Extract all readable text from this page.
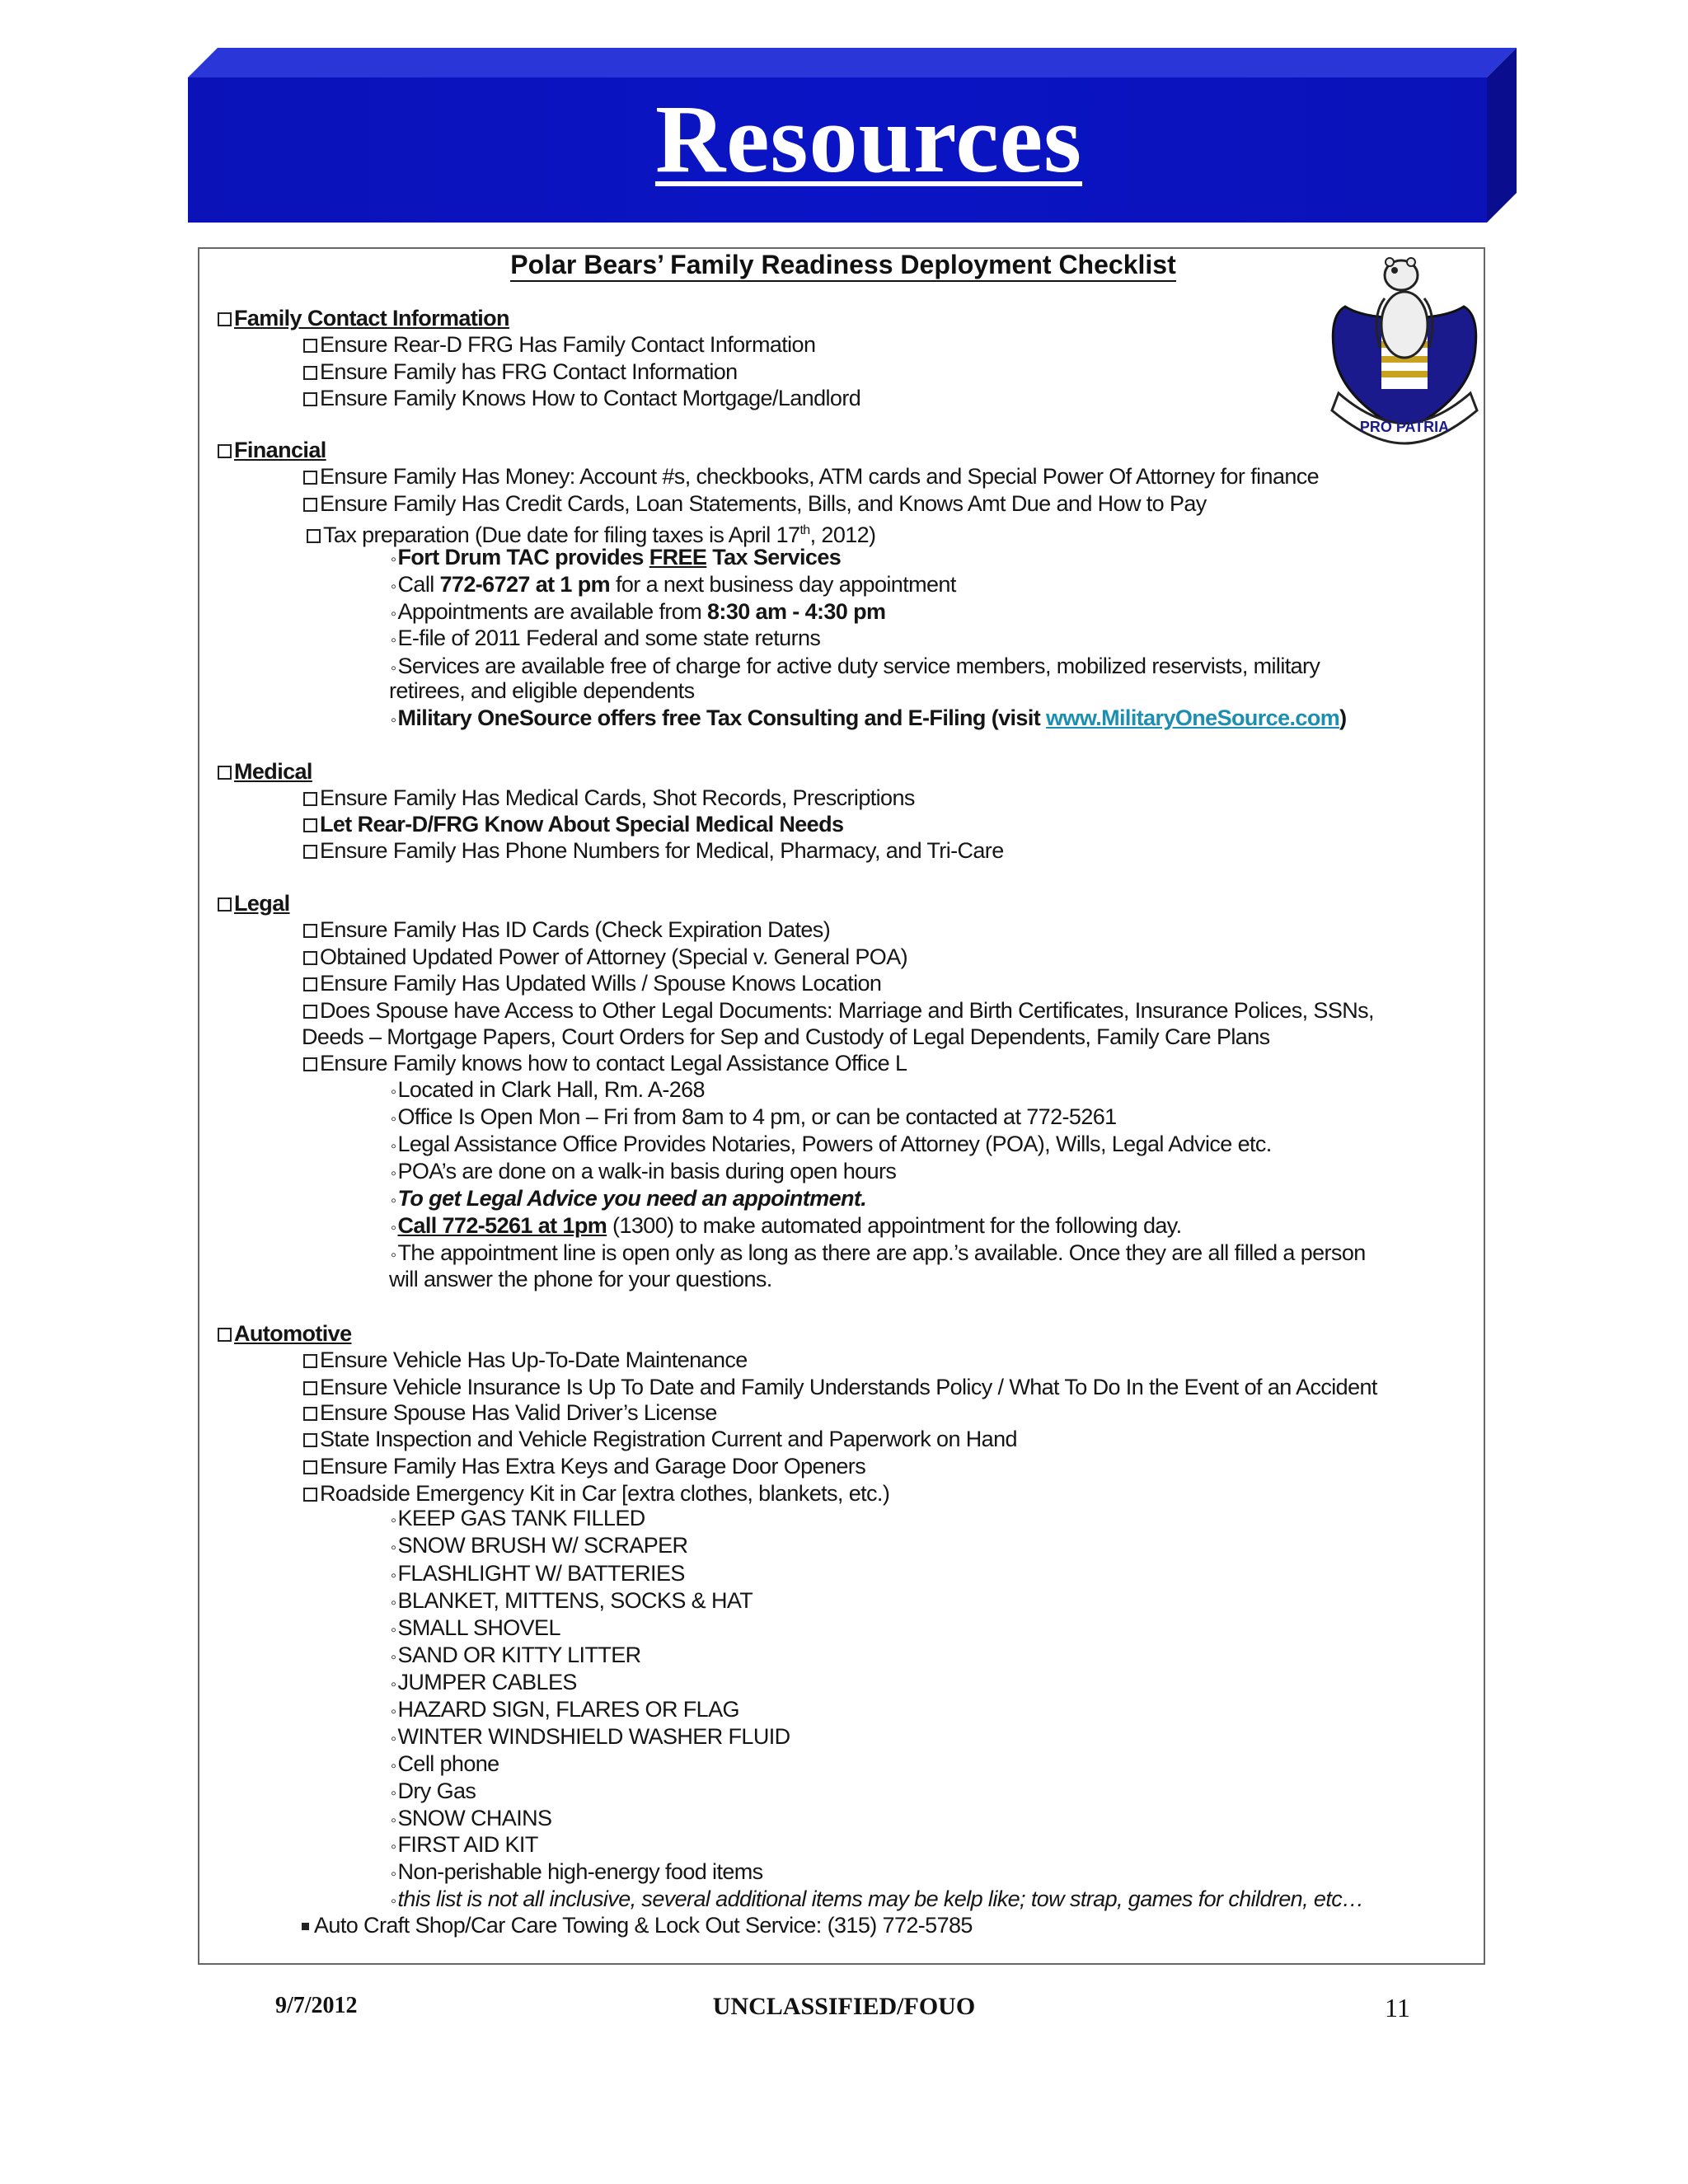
Resources
Polar Bears’ Family Readiness Deployment Checklist
PRO PATRIA
Family Contact Information
Ensure Rear-D FRG Has Family Contact Information
Ensure Family has FRG Contact Information
Ensure Family Knows How to Contact Mortgage/Landlord
Financial
Ensure Family Has Money: Account #s, checkbooks, ATM cards and Special Power Of Attorney for finance
Ensure Family Has Credit Cards, Loan Statements, Bills, and Knows Amt Due and How to Pay
Tax preparation (Due date for filing taxes is April 17th, 2012)
◦Fort Drum TAC provides FREE Tax Services
◦Call 772-6727 at 1 pm for a next business day appointment
◦Appointments are available from 8:30 am - 4:30 pm
◦E-file of 2011 Federal and some state returns
◦Services are available free of charge for active duty service members, mobilized reservists, military
retirees, and eligible dependents
◦Military OneSource offers free Tax Consulting and E-Filing (visit www.MilitaryOneSource.com)
Medical
Ensure Family Has Medical Cards, Shot Records, Prescriptions
Let Rear-D/FRG Know About Special Medical Needs
Ensure Family Has Phone Numbers for Medical, Pharmacy, and Tri-Care
Legal
Ensure Family Has ID Cards (Check Expiration Dates)
Obtained Updated Power of Attorney (Special v. General POA)
Ensure Family Has Updated Wills / Spouse Knows Location
Does Spouse have Access to Other Legal Documents: Marriage and Birth Certificates, Insurance Polices, SSNs,
Deeds – Mortgage Papers, Court Orders for Sep and Custody of Legal Dependents, Family Care Plans
Ensure Family knows how to contact Legal Assistance Office L
◦Located in Clark Hall, Rm. A-268
◦Office Is Open Mon – Fri from 8am to 4 pm, or can be contacted at 772-5261
◦Legal Assistance Office Provides Notaries, Powers of Attorney (POA), Wills, Legal Advice etc.
◦POA’s are done on a walk-in basis during open hours
◦To get Legal Advice you need an appointment.
◦Call 772-5261 at 1pm (1300) to make automated appointment for the following day.
◦The appointment line is open only as long as there are app.’s available. Once they are all filled a person
will answer the phone for your questions.
Automotive
Ensure Vehicle Has Up-To-Date Maintenance
Ensure Vehicle Insurance Is Up To Date and Family Understands Policy / What To Do In the Event of an Accident
Ensure Spouse Has Valid Driver’s License
State Inspection and Vehicle Registration Current and Paperwork on Hand
Ensure Family Has Extra Keys and Garage Door Openers
Roadside Emergency Kit in Car [extra clothes, blankets, etc.)
◦KEEP GAS TANK FILLED
◦SNOW BRUSH W/ SCRAPER
◦FLASHLIGHT W/ BATTERIES
◦BLANKET, MITTENS, SOCKS & HAT
◦SMALL SHOVEL
◦SAND OR KITTY LITTER
◦JUMPER CABLES
◦HAZARD SIGN, FLARES OR FLAG
◦WINTER WINDSHIELD WASHER FLUID
◦Cell phone
◦Dry Gas
◦SNOW CHAINS
◦FIRST AID KIT
◦Non-perishable high-energy food items
◦this list is not all inclusive, several additional items may be kelp like; tow strap, games for children, etc…
Auto Craft Shop/Car Care Towing & Lock Out Service: (315) 772-5785
9/7/2012	UNCLASSIFIED/FOUO	11
